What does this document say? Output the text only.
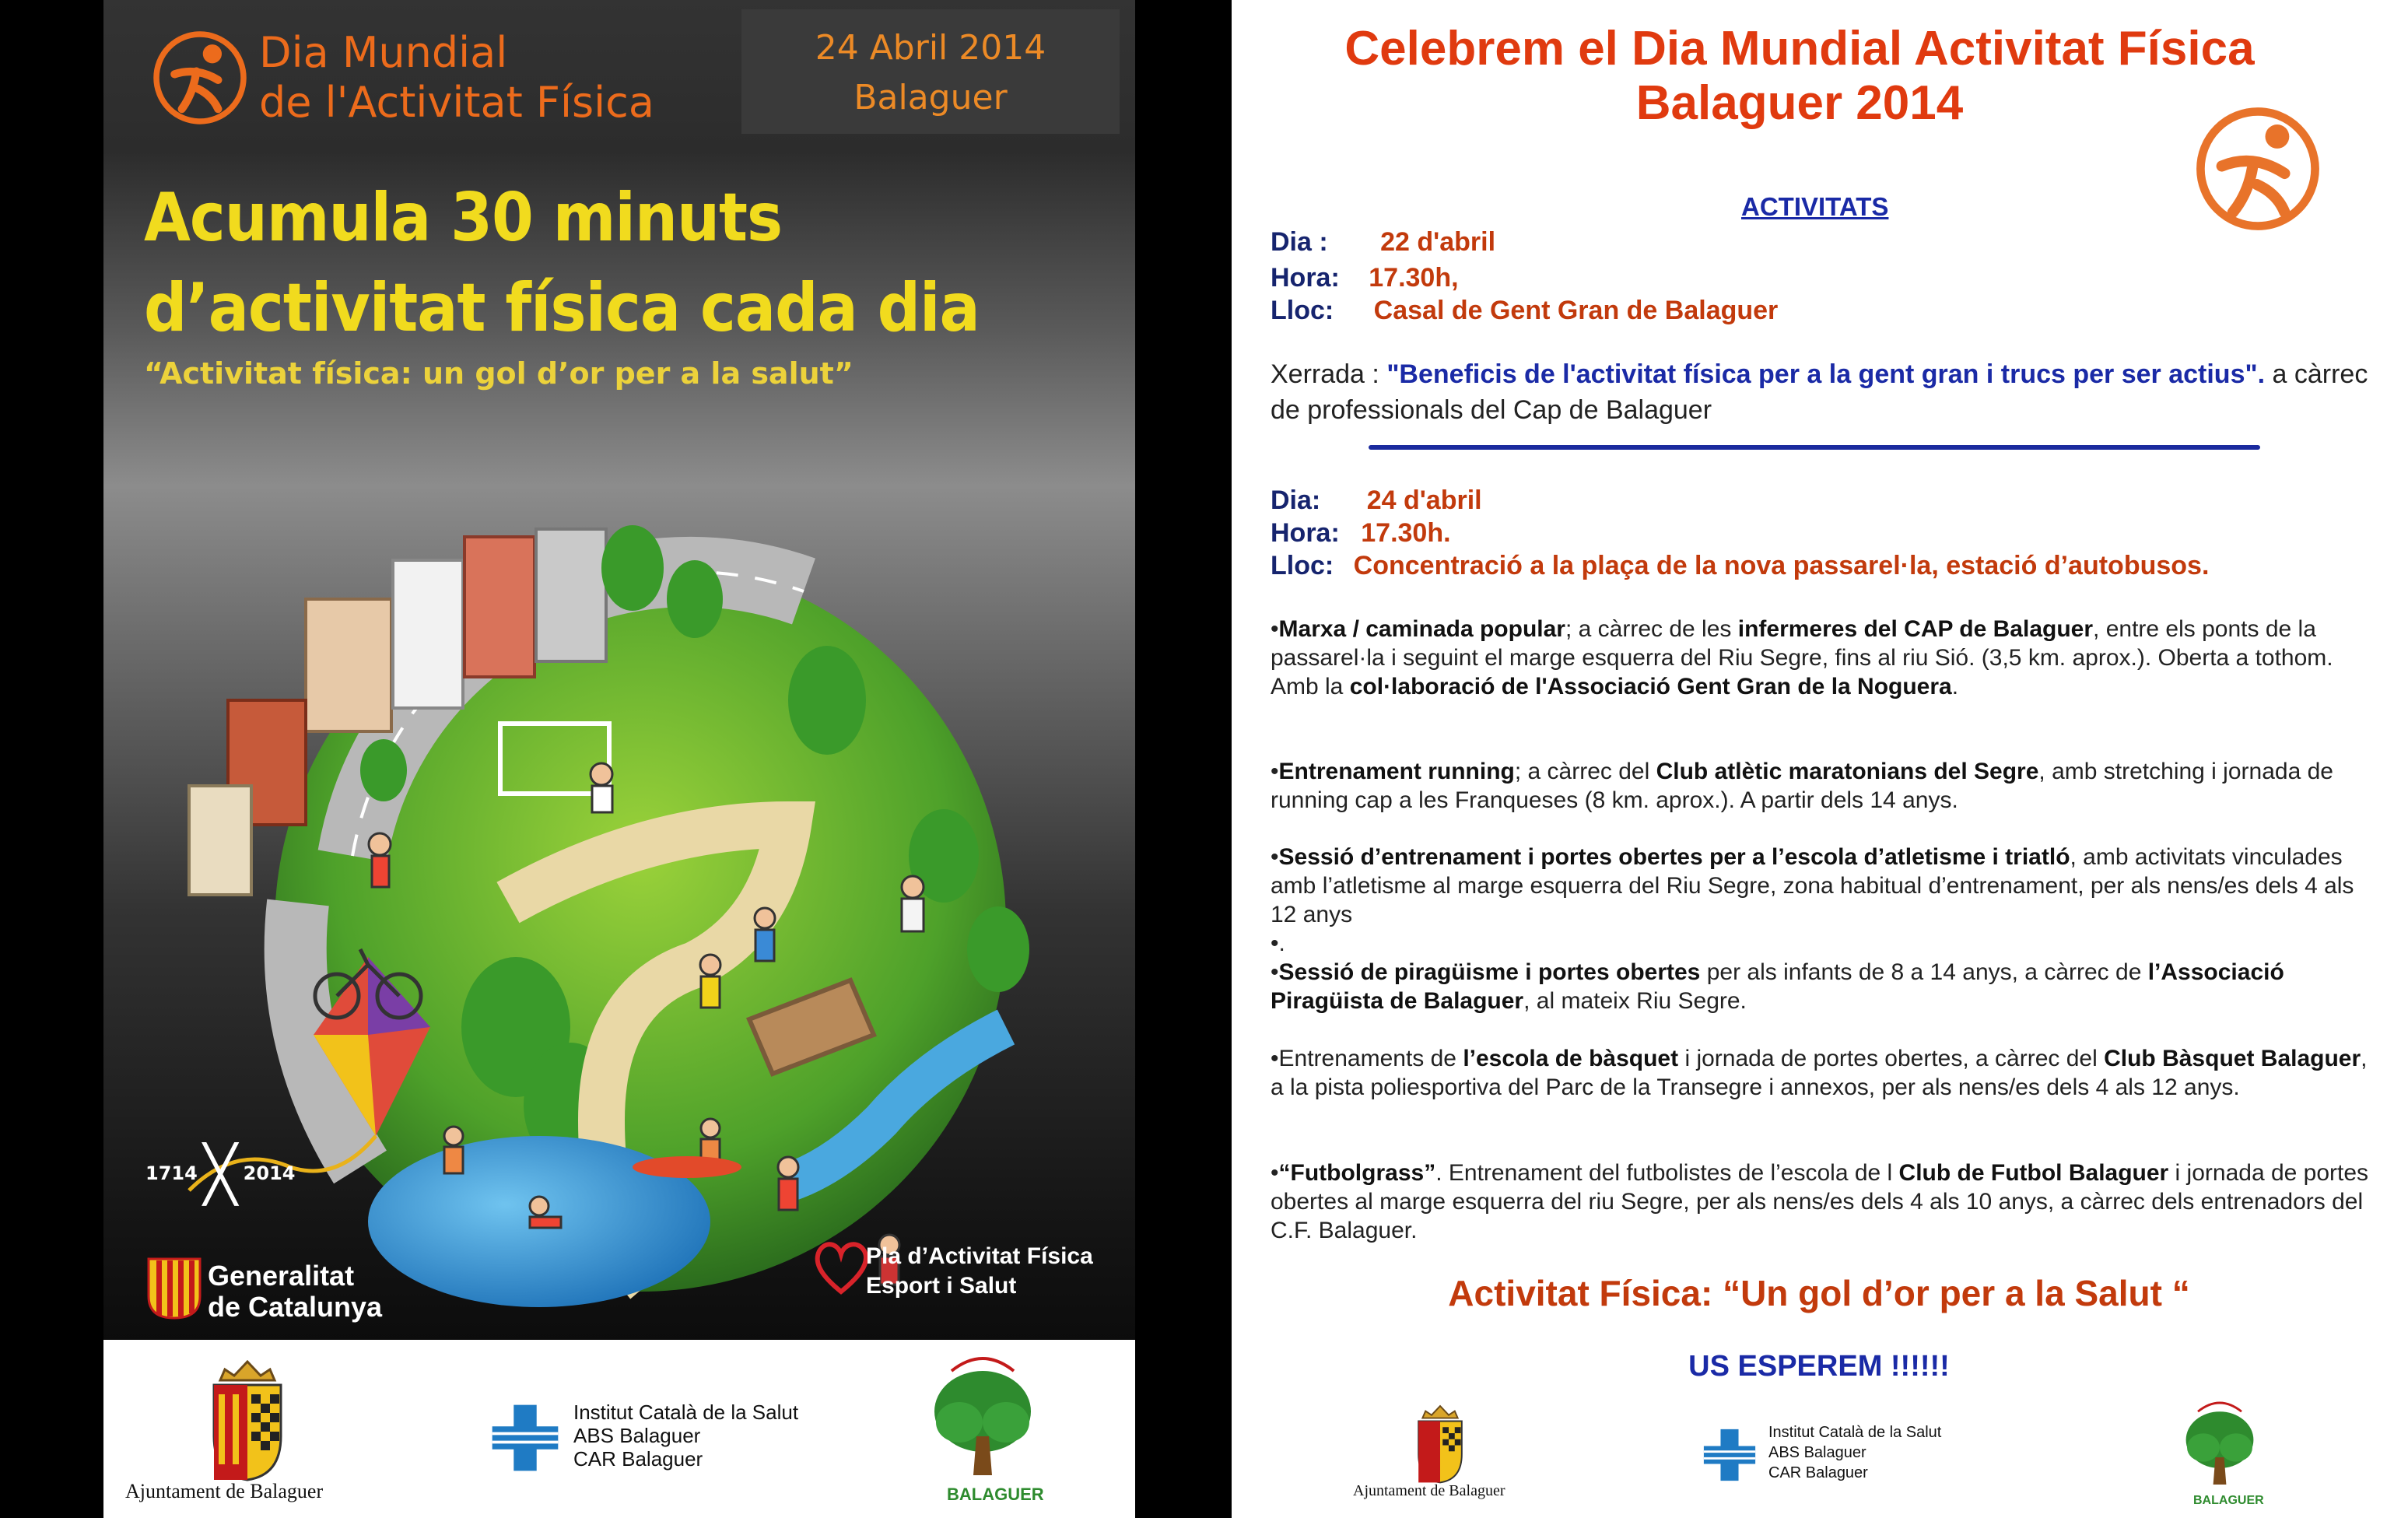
Dia Mundial
de l'Activitat Física
24 Abril 2014
Balaguer
Acumula 30 minuts
d’activitat física cada dia
“Activitat física: un gol d’or per a la salut”
1714 ╳ 2014
Generalitat
de Catalunya
Pla d’Activitat Física
Esport i Salut
Ajuntament de Balaguer
Institut Català de la Salut
ABS Balaguer
CAR Balaguer
BALAGUER
Celebrem el Dia Mundial Activitat Física
Balaguer 2014
ACTIVITATS
Dia : 22 d'abril
Hora: 17.30h,
Lloc: Casal de Gent Gran de Balaguer
Xerrada : "Beneficis de l'activitat física per a la gent gran i trucs per ser actius". a càrrec de professionals del Cap de Balaguer
Dia: 24 d'abril
Hora: 17.30h.
Lloc: Concentració a la plaça de la nova passarel·la, estació d’autobusos.
•Marxa / caminada popular; a càrrec de les infermeres del CAP de Balaguer, entre els ponts de la passarel·la i seguint el marge esquerra del Riu Segre, fins al riu Sió. (3,5 km. aprox.). Oberta a tothom. Amb la col·laboració de l'Associació Gent Gran de la Noguera.
•Entrenament running; a càrrec del Club atlètic maratonians del Segre, amb stretching i jornada de running cap a les Franqueses (8 km. aprox.). A partir dels 14 anys.
•Sessió d’entrenament i portes obertes per a l’escola d’atletisme i triatló, amb activitats vinculades amb l’atletisme al marge esquerra del Riu Segre, zona habitual d’entrenament, per als nens/es dels 4 als 12 anys
•.
•Sessió de piragüisme i portes obertes per als infants de 8 a 14 anys, a càrrec de l’Associació Piragüista de Balaguer, al mateix Riu Segre.
•Entrenaments de l’escola de bàsquet i jornada de portes obertes, a càrrec del Club Bàsquet Balaguer, a la pista poliesportiva del Parc de la Transegre i annexos, per als nens/es dels 4 als 12 anys.
•“Futbolgrass”. Entrenament del futbolistes de l’escola de l Club de Futbol Balaguer i jornada de portes obertes al marge esquerra del riu Segre, per als nens/es dels 4 als 10 anys, a càrrec dels entrenadors del C.F. Balaguer.
Activitat Física: “Un gol d’or per a la Salut “
US ESPEREM !!!!!!
Ajuntament de Balaguer
Institut Català de la Salut
ABS Balaguer
CAR Balaguer
BALAGUER
